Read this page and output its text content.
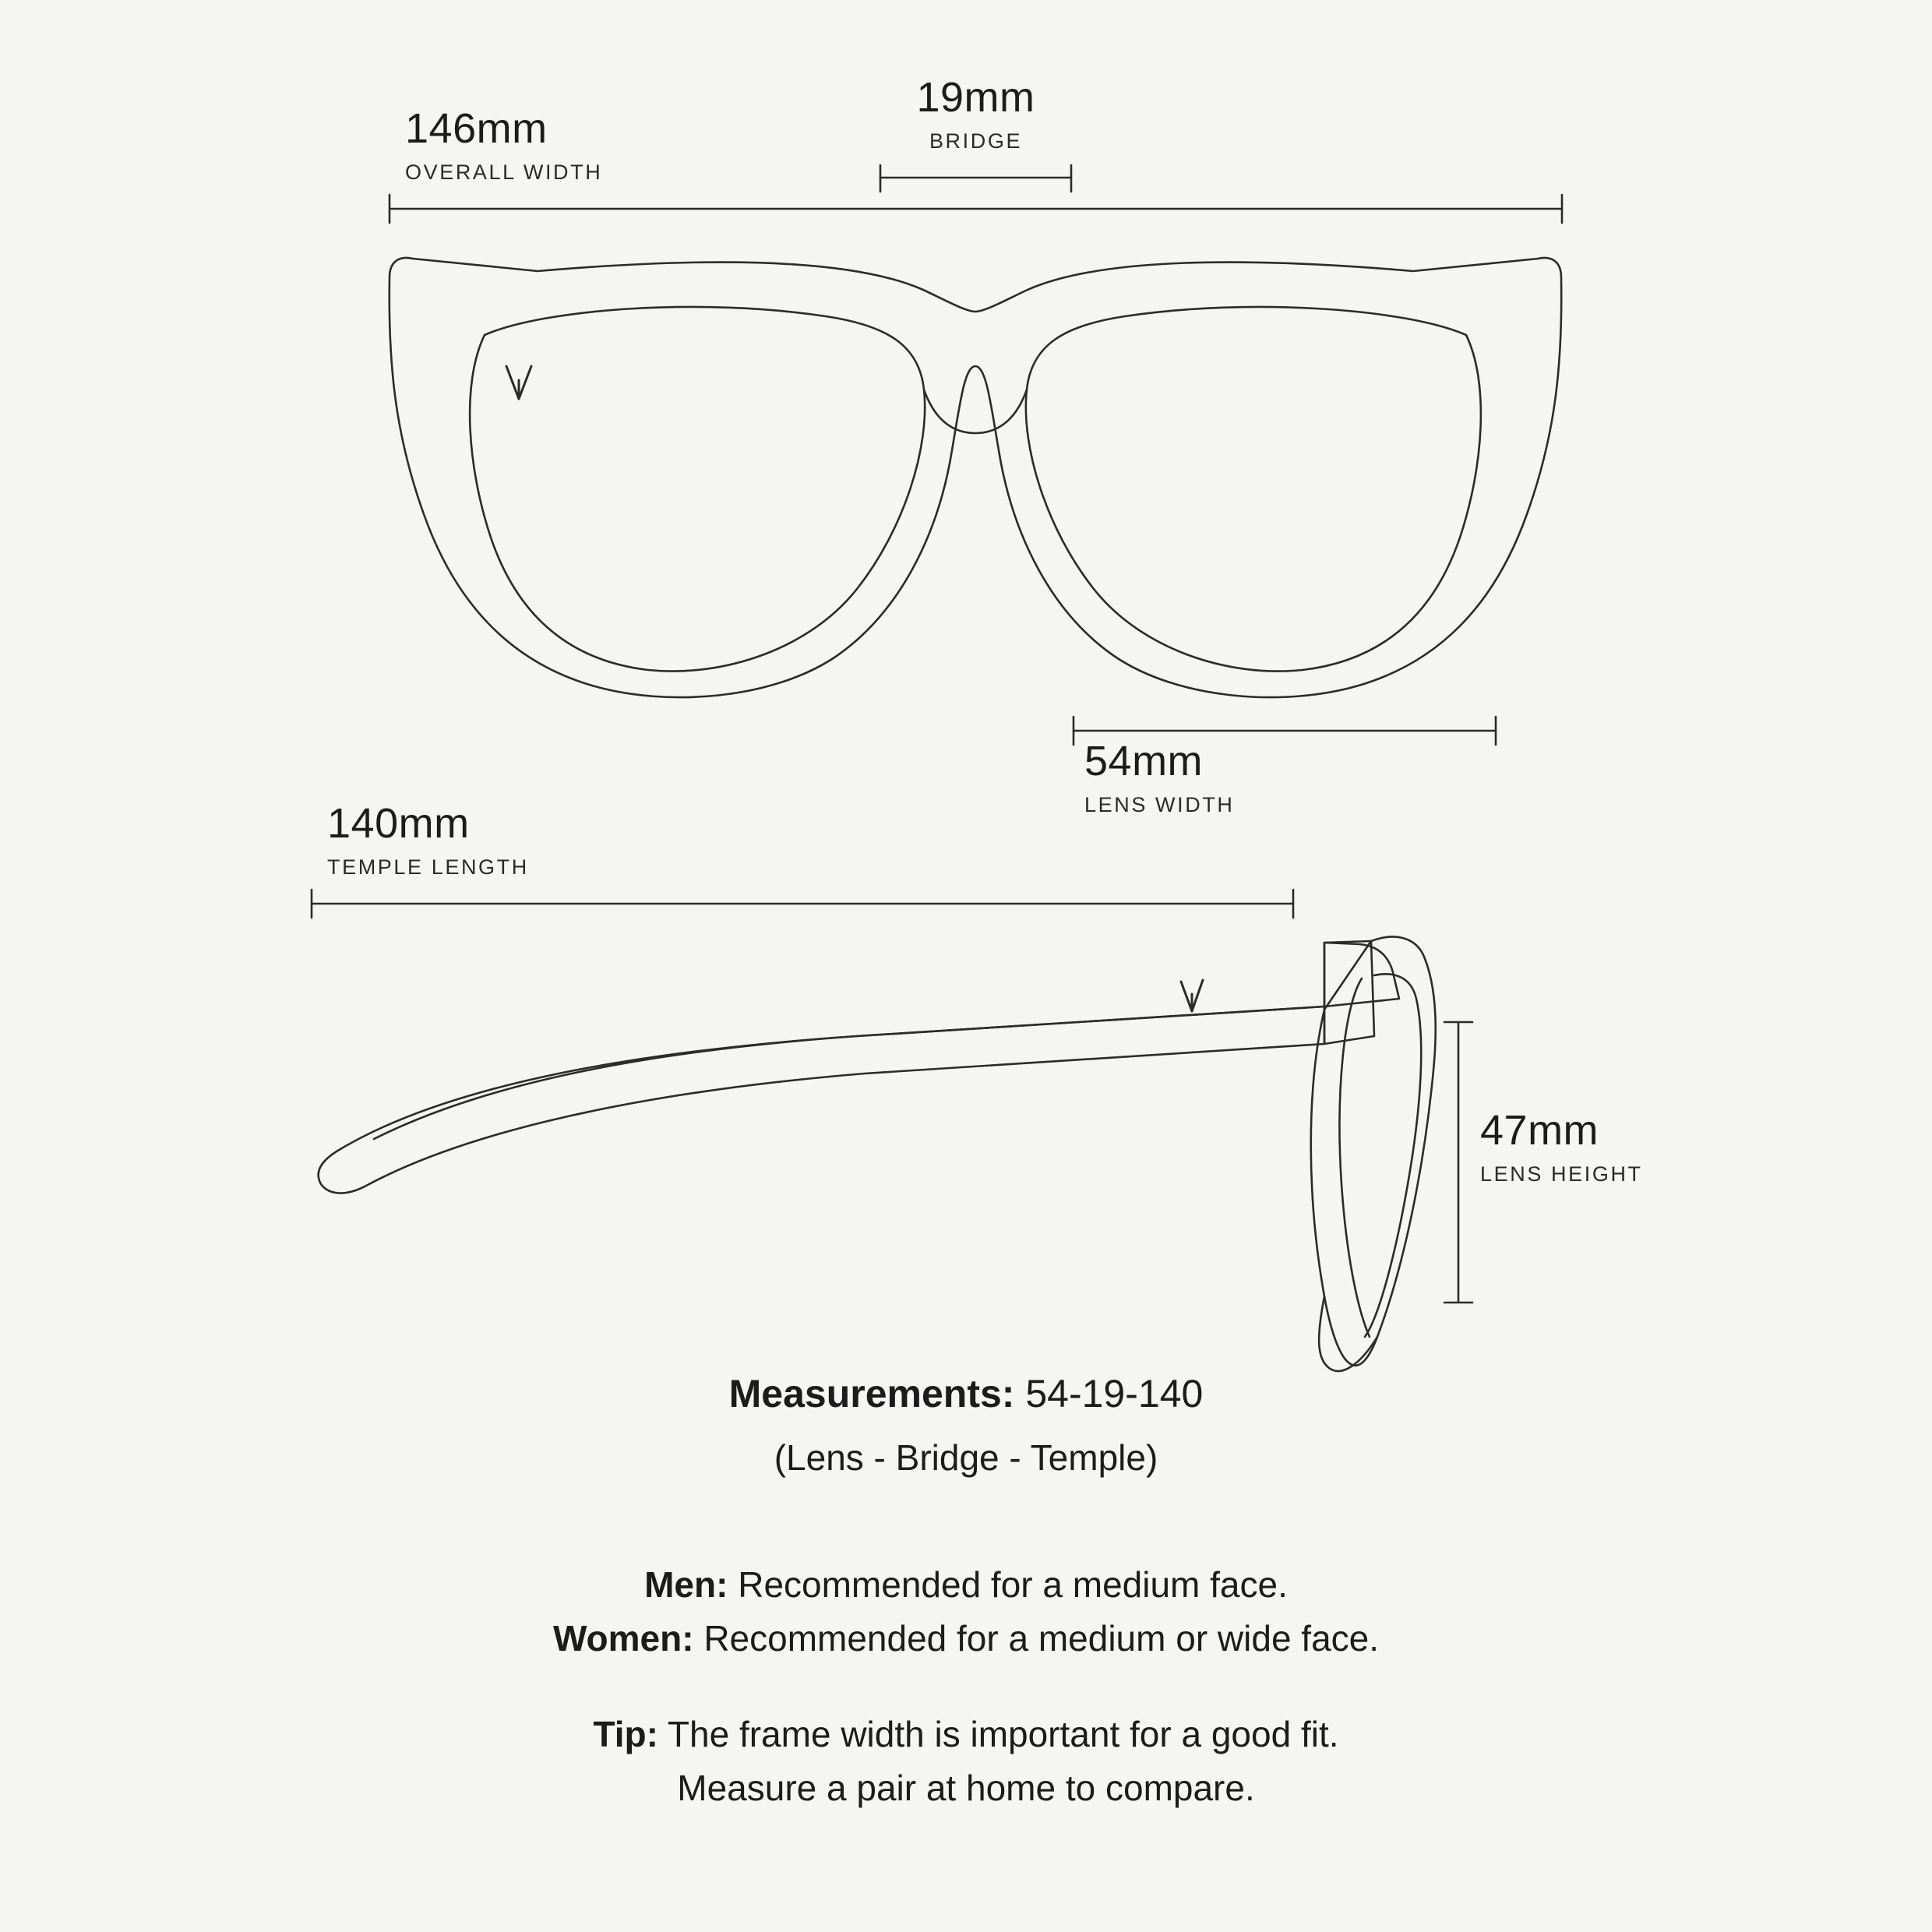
146mm
OVERALL WIDTH
19mm
BRIDGE
54mm
LENS WIDTH
140mm
TEMPLE LENGTH
47mm
LENS HEIGHT
Measurements: 54-19-140
(Lens - Bridge - Temple)
Men: Recommended for a medium face.
Women: Recommended for a medium or wide face.
Tip: The frame width is important for a good fit.
Measure a pair at home to compare.
